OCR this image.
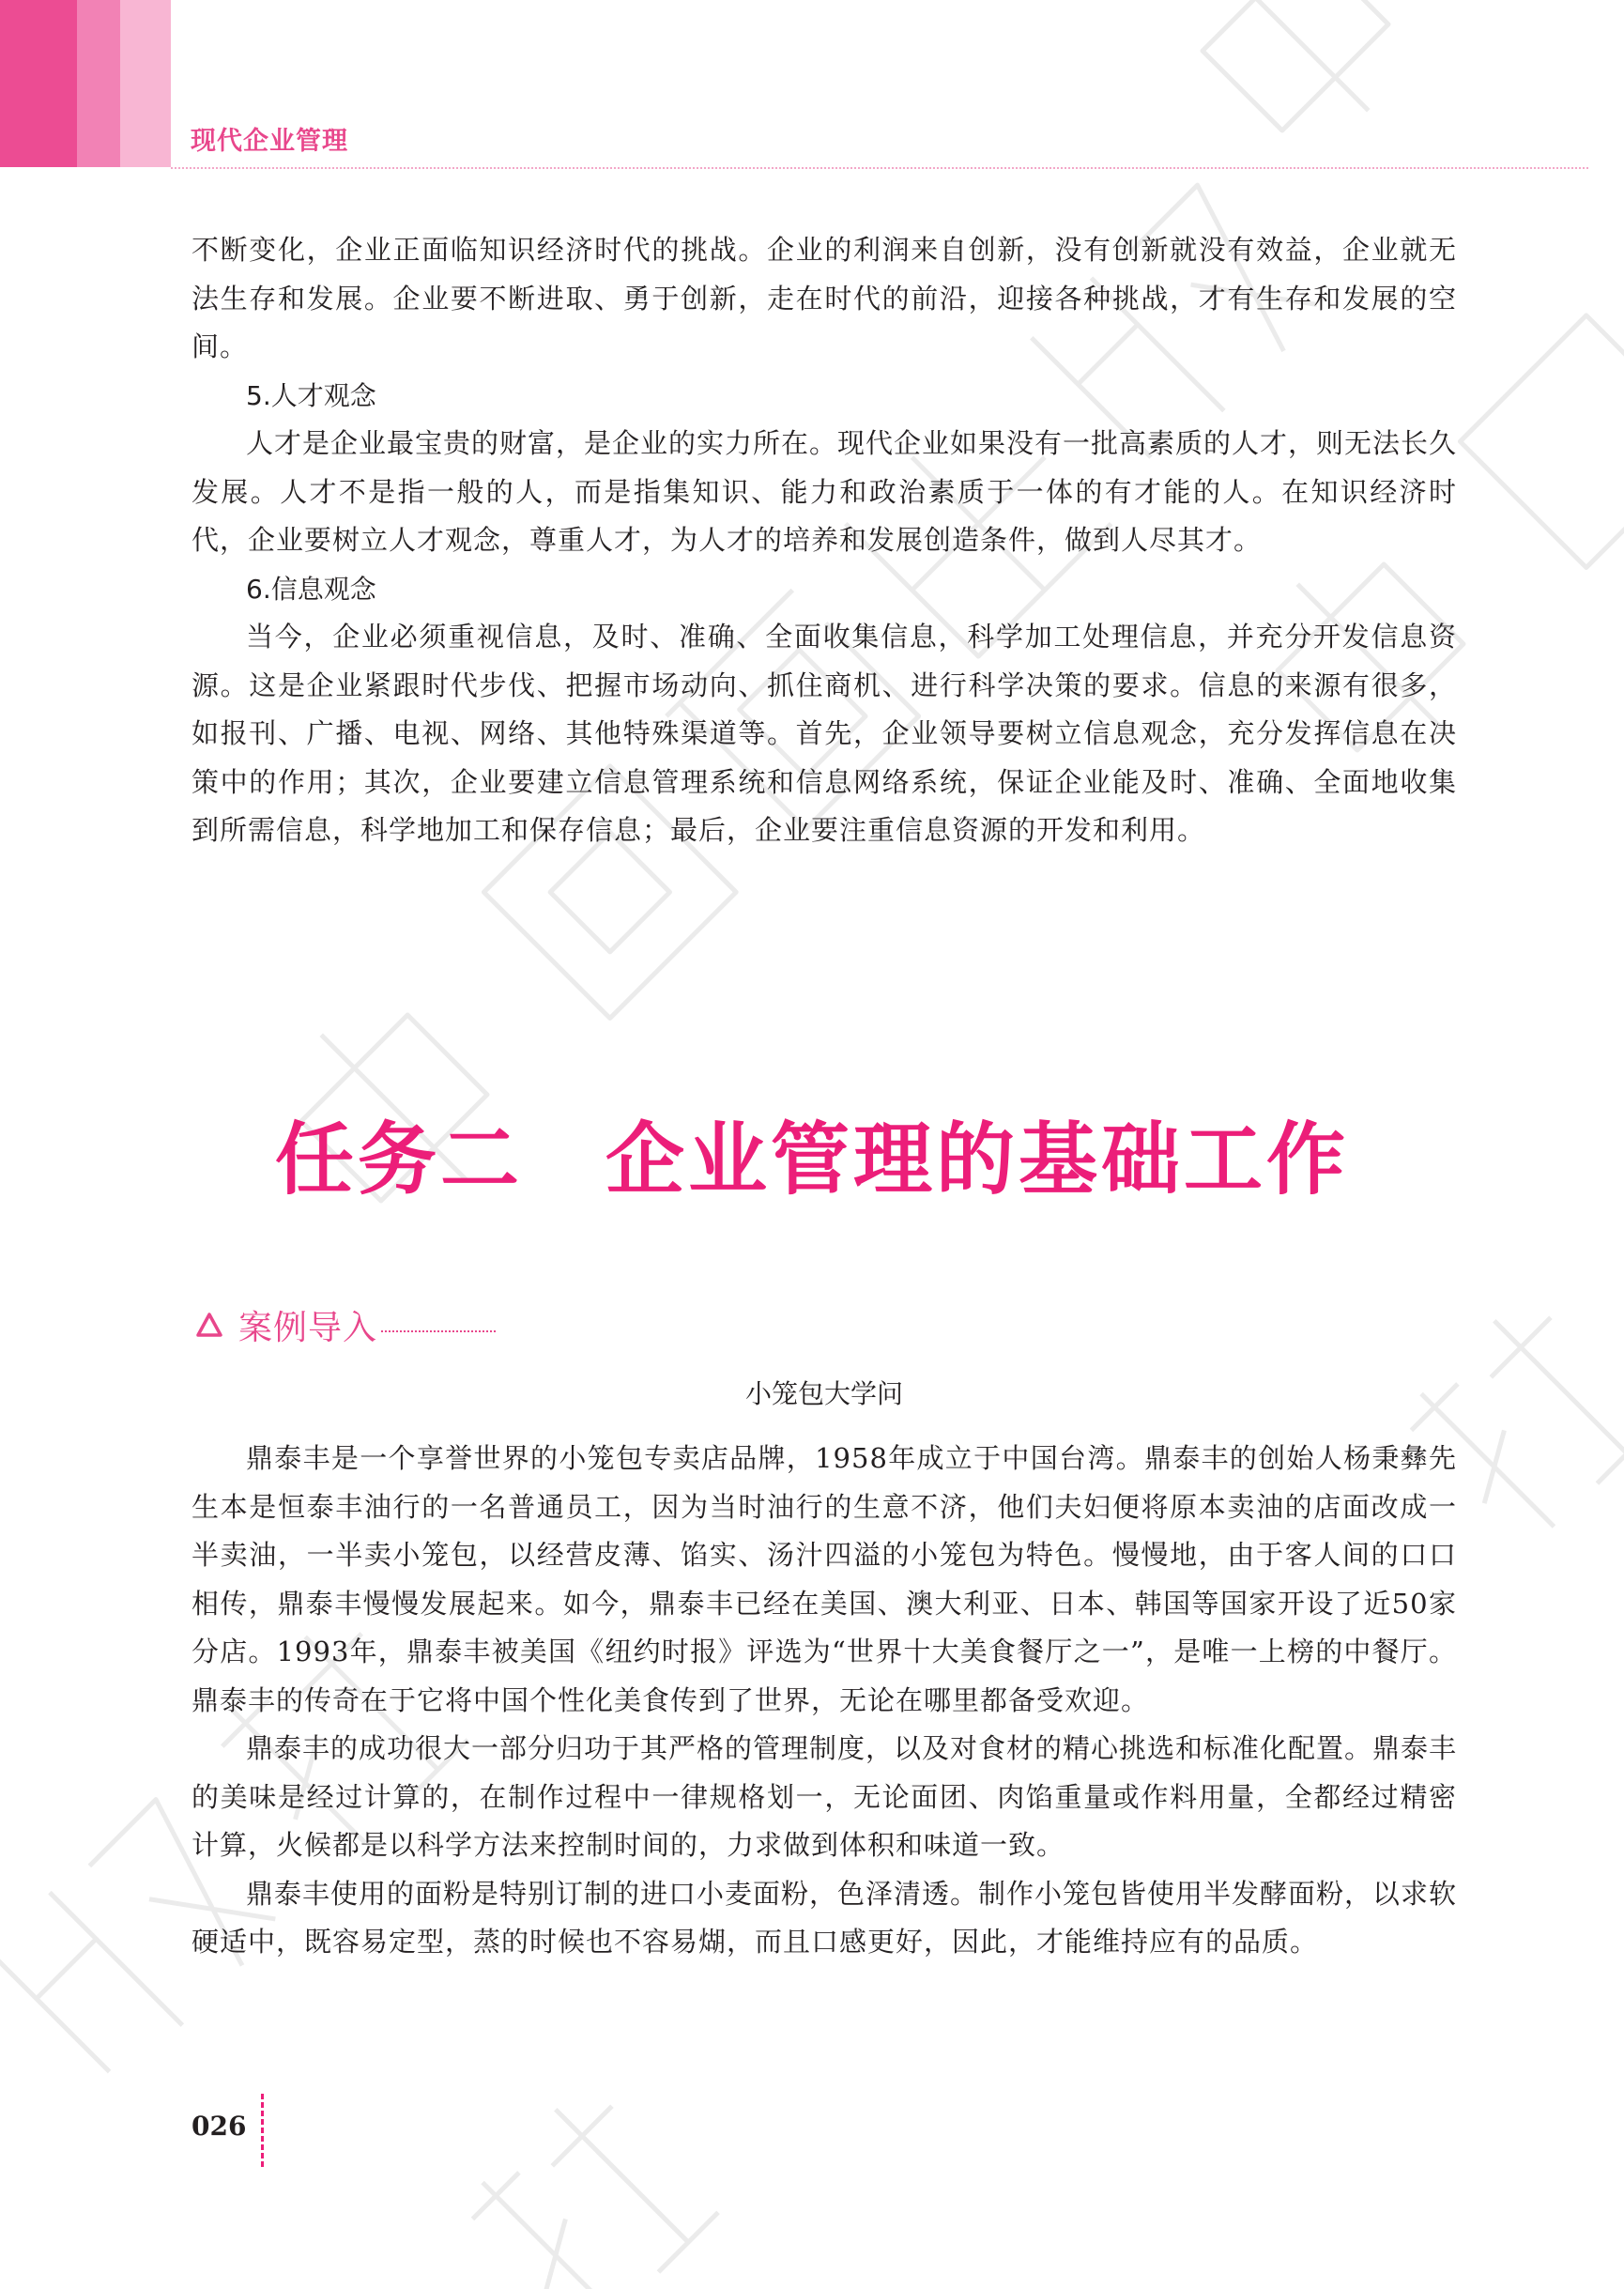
现代企业管理

不断变化，企业正面临知识经济时代的挑战。企业的利润来自创新，没有创新就没有效益，企业就无法生存和发展。企业要不断进取、勇于创新，走在时代的前沿，迎接各种挑战，才有生存和发展的空间。

5.人才观念

人才是企业最宝贵的财富，是企业的实力所在。现代企业如果没有一批高素质的人才，则无法长久发展。人才不是指一般的人，而是指集知识、能力和政治素质于一体的有才能的人。在知识经济时代，企业要树立人才观念，尊重人才，为人才的培养和发展创造条件，做到人尽其才。

6.信息观念

当今，企业必须重视信息，及时、准确、全面收集信息，科学加工处理信息，并充分开发信息资源。这是企业紧跟时代步伐、把握市场动向、抓住商机、进行科学决策的要求。信息的来源有很多，如报刊、广播、电视、网络、其他特殊渠道等。首先，企业领导要树立信息观念，充分发挥信息在决策中的作用；其次，企业要建立信息管理系统和信息网络系统，保证企业能及时、准确、全面地收集到所需信息，科学地加工和保存信息；最后，企业要注重信息资源的开发和利用。

任务二　企业管理的基础工作
案例导入

小笼包大学问

鼎泰丰是一个享誉世界的小笼包专卖店品牌，1958年成立于中国台湾。鼎泰丰的创始人杨秉彝先生本是恒泰丰油行的一名普通员工，因为当时油行的生意不济，他们夫妇便将原本卖油的店面改成一半卖油，一半卖小笼包，以经营皮薄、馅实、汤汁四溢的小笼包为特色。慢慢地，由于客人间的口口相传，鼎泰丰慢慢发展起来。如今，鼎泰丰已经在美国、澳大利亚、日本、韩国等国家开设了近50家分店。1993年，鼎泰丰被美国《纽约时报》评选为“世界十大美食餐厅之一”，是唯一上榜的中餐厅。鼎泰丰的传奇在于它将中国个性化美食传到了世界，无论在哪里都备受欢迎。

鼎泰丰的成功很大一部分归功于其严格的管理制度，以及对食材的精心挑选和标准化配置。鼎泰丰的美味是经过计算的，在制作过程中一律规格划一，无论面团、肉馅重量或作料用量，全都经过精密计算，火候都是以科学方法来控制时间的，力求做到体积和味道一致。

鼎泰丰使用的面粉是特别订制的进口小麦面粉，色泽清透。制作小笼包皆使用半发酵面粉，以求软硬适中，既容易定型，蒸的时候也不容易煳，而且口感更好，因此，才能维持应有的品质。

026
